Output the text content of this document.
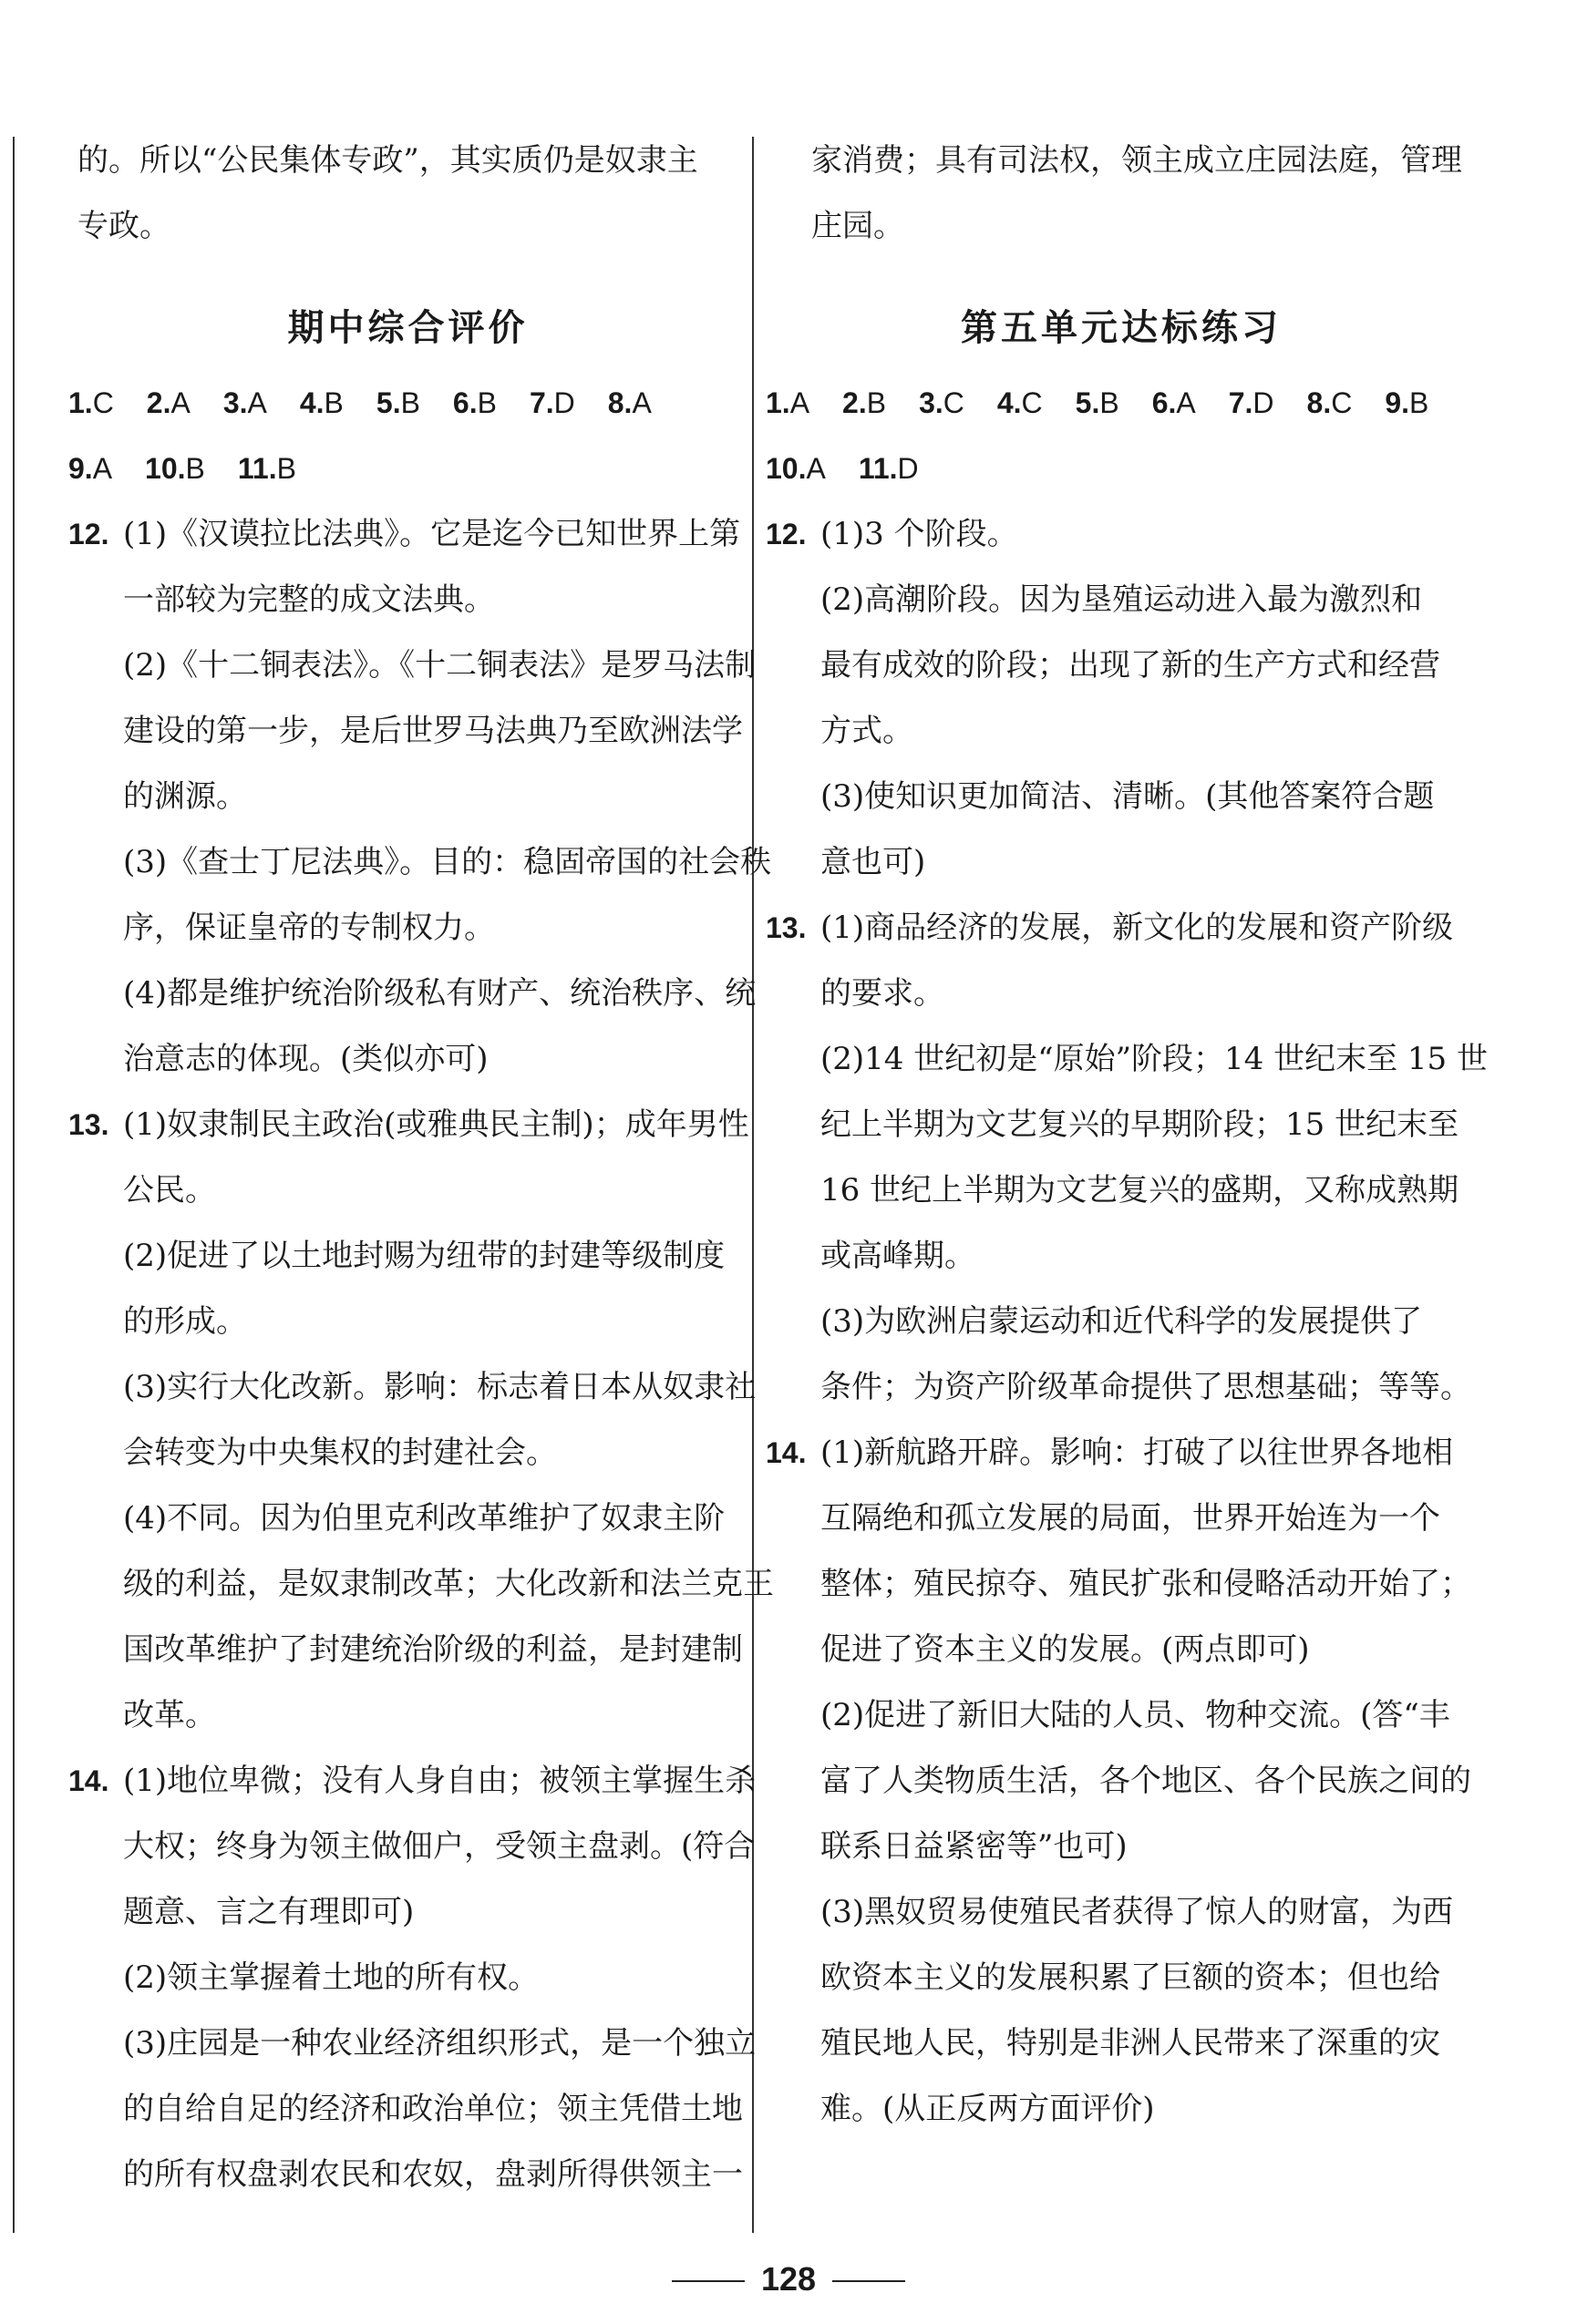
的。所以“公民集体专政”，其实质仍是奴隶主
专政。
期中综合评价
1.C 2.A 3.A 4.B 5.B 6.B 7.D 8.A
9.A 10.B 11.B
12. (1)《汉谟拉比法典》。它是迄今已知世界上第
一部较为完整的成文法典。
(2)《十二铜表法》。《十二铜表法》是罗马法制
建设的第一步，是后世罗马法典乃至欧洲法学
的渊源。
(3)《查士丁尼法典》。目的：稳固帝国的社会秩
序，保证皇帝的专制权力。
(4)都是维护统治阶级私有财产、统治秩序、统
治意志的体现。(类似亦可)
13. (1)奴隶制民主政治(或雅典民主制)；成年男性
公民。
(2)促进了以土地封赐为纽带的封建等级制度
的形成。
(3)实行大化改新。影响：标志着日本从奴隶社
会转变为中央集权的封建社会。
(4)不同。因为伯里克利改革维护了奴隶主阶
级的利益，是奴隶制改革；大化改新和法兰克王
国改革维护了封建统治阶级的利益，是封建制
改革。
14. (1)地位卑微；没有人身自由；被领主掌握生杀
大权；终身为领主做佃户，受领主盘剥。(符合
题意、言之有理即可)
(2)领主掌握着土地的所有权。
(3)庄园是一种农业经济组织形式，是一个独立
的自给自足的经济和政治单位；领主凭借土地
的所有权盘剥农民和农奴，盘剥所得供领主一
家消费；具有司法权，领主成立庄园法庭，管理
庄园。
第五单元达标练习
1.A 2.B 3.C 4.C 5.B 6.A 7.D 8.C 9.B
10.A 11.D
12. (1)3 个阶段。
(2)高潮阶段。因为垦殖运动进入最为激烈和
最有成效的阶段；出现了新的生产方式和经营
方式。
(3)使知识更加简洁、清晰。(其他答案符合题
意也可)
13. (1)商品经济的发展，新文化的发展和资产阶级
的要求。
(2)14 世纪初是“原始”阶段；14 世纪末至 15 世
纪上半期为文艺复兴的早期阶段；15 世纪末至
16 世纪上半期为文艺复兴的盛期，又称成熟期
或高峰期。
(3)为欧洲启蒙运动和近代科学的发展提供了
条件；为资产阶级革命提供了思想基础；等等。
14. (1)新航路开辟。影响：打破了以往世界各地相
互隔绝和孤立发展的局面，世界开始连为一个
整体；殖民掠夺、殖民扩张和侵略活动开始了；
促进了资本主义的发展。(两点即可)
(2)促进了新旧大陆的人员、物种交流。(答“丰
富了人类物质生活，各个地区、各个民族之间的
联系日益紧密等”也可)
(3)黑奴贸易使殖民者获得了惊人的财富，为西
欧资本主义的发展积累了巨额的资本；但也给
殖民地人民，特别是非洲人民带来了深重的灾
难。(从正反两方面评价)
128
